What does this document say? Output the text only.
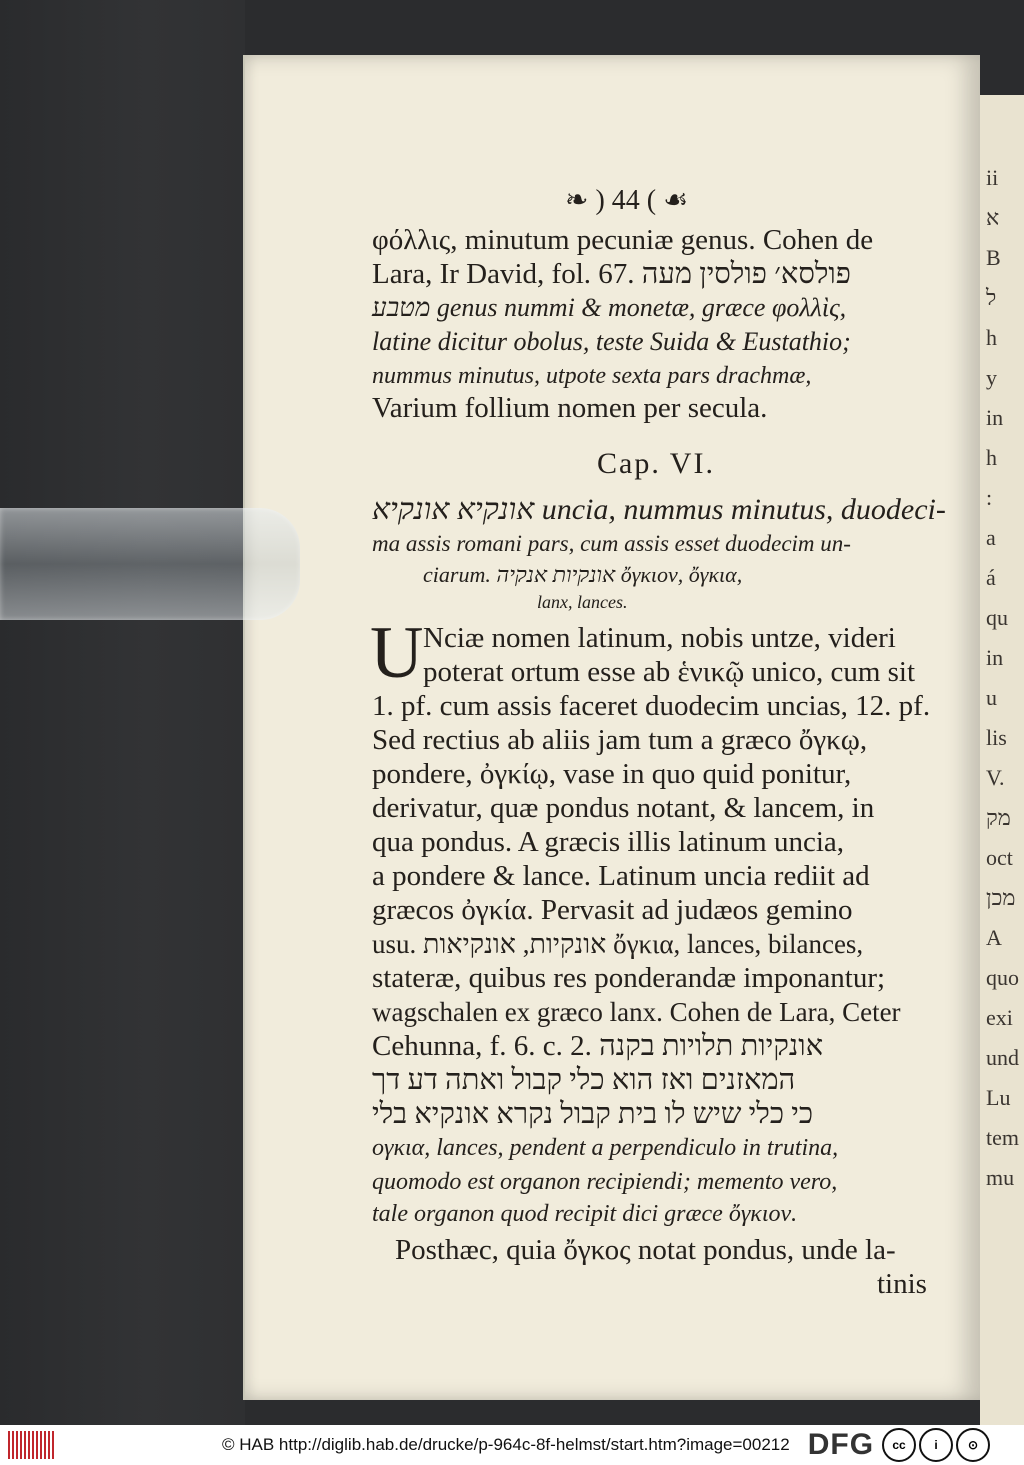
ii
א
B
ל
h
y
in
h
:
a
á
qu
in
u
lis
V.
מק
oct
מכן
A
quo
exi
und
Lu
tem
mu
❧ ) 44 ( ☙
φόλλις, minutum pecuniæ genus. Cohen de
Lara, Ir David, fol. 67. פולסא׳ פולסין מעה
מטבע genus nummi & monetæ, græce φολλὶς,
latine dicitur obolus, teste Suida & Eustathio;
nummus minutus, utpote sexta pars drachmæ,
Varium follium nomen per secula.
Cap. VI.
אונקיא אונקיא uncia, nummus minutus, duodeci-
ma assis romani pars, cum assis esset duodecim un-
ciarum. אונקיות אנקיה ὄγκιον, ὄγκια,
lanx, lances.
U Nciæ nomen latinum, nobis untze, videri
poterat ortum esse ab ἑνικῷ unico, cum sit
1. pf. cum assis faceret duodecim uncias, 12. pf.
Sed rectius ab aliis jam tum a græco ὄγκῳ,
pondere, ὀγκίῳ, vase in quo quid ponitur,
derivatur, quæ pondus notant, & lancem, in
qua pondus. A græcis illis latinum uncia,
a pondere & lance. Latinum uncia rediit ad
græcos ὀγκία. Pervasit ad judæos gemino
usu. אונקיות, אונקיאות ὄγκια, lances, bilances,
stateræ, quibus res ponderandæ imponantur;
wagschalen ex græco lanx. Cohen de Lara, Ceter
Cehunna, f. 6. c. 2. אונקיות תלויות בקנה
המאזנים ואז הוא כלי קבול ואתה דע דך
כי כלי שיש לו בית קבול נקרא אונקיא בלי
ογκια, lances, pendent a perpendiculo in trutina,
quomodo est organon recipiendi; memento vero,
tale organon quod recipit dici græce ὄγκιον.
Posthæc, quia ὄγκος notat pondus, unde la-
tinis
© HAB http://diglib.hab.de/drucke/p-964c-8f-helmst/start.htm?image=00212 DFG	cc	i	⊙
